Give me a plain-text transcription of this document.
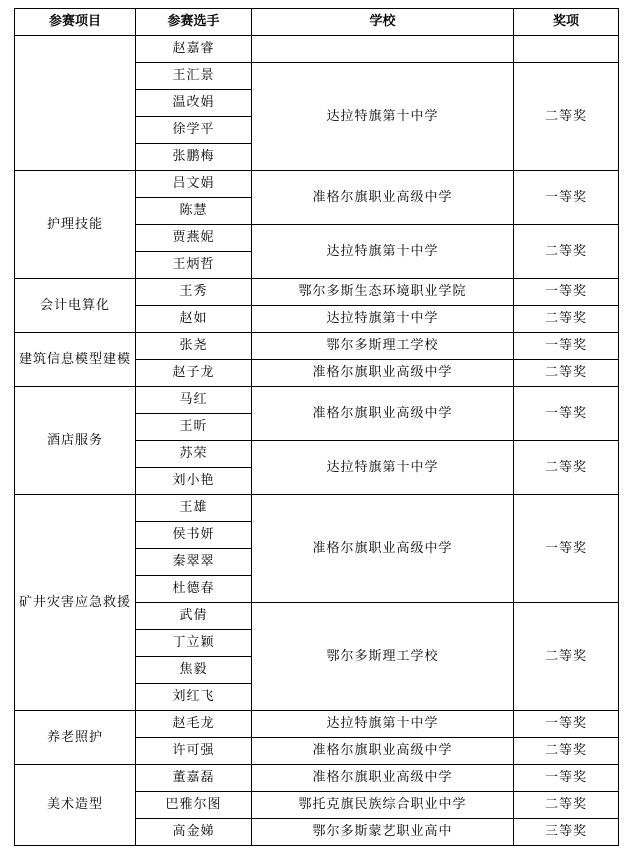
参赛项目	参赛选手	学校	奖项
	赵嘉睿		
	王汇景	达拉特旗第十中学	二等奖
	温改娟		
	徐学平		
	张鹏梅		
护理技能	吕文娟	准格尔旗职业高级中学	一等奖
	陈慧		
	贾燕妮	达拉特旗第十中学	二等奖
	王炳哲		
会计电算化	王秀	鄂尔多斯生态环境职业学院	一等奖
	赵如	达拉特旗第十中学	二等奖
建筑信息模型建模	张尧	鄂尔多斯理工学校	一等奖
	赵子龙	准格尔旗职业高级中学	二等奖
酒店服务	马红	准格尔旗职业高级中学	一等奖
	王昕		
	苏荣	达拉特旗第十中学	二等奖
	刘小艳		
矿井灾害应急救援	王雄	准格尔旗职业高级中学	一等奖
	侯书妍		
	秦翠翠		
	杜德春		
	武倩	鄂尔多斯理工学校	二等奖
	丁立颖		
	焦毅		
	刘红飞		
养老照护	赵毛龙	达拉特旗第十中学	一等奖
	许可强	准格尔旗职业高级中学	二等奖
美术造型	董嘉磊	准格尔旗职业高级中学	一等奖
	巴雅尔图	鄂托克旗民族综合职业中学	二等奖
	高金娣	鄂尔多斯蒙艺职业高中	三等奖
